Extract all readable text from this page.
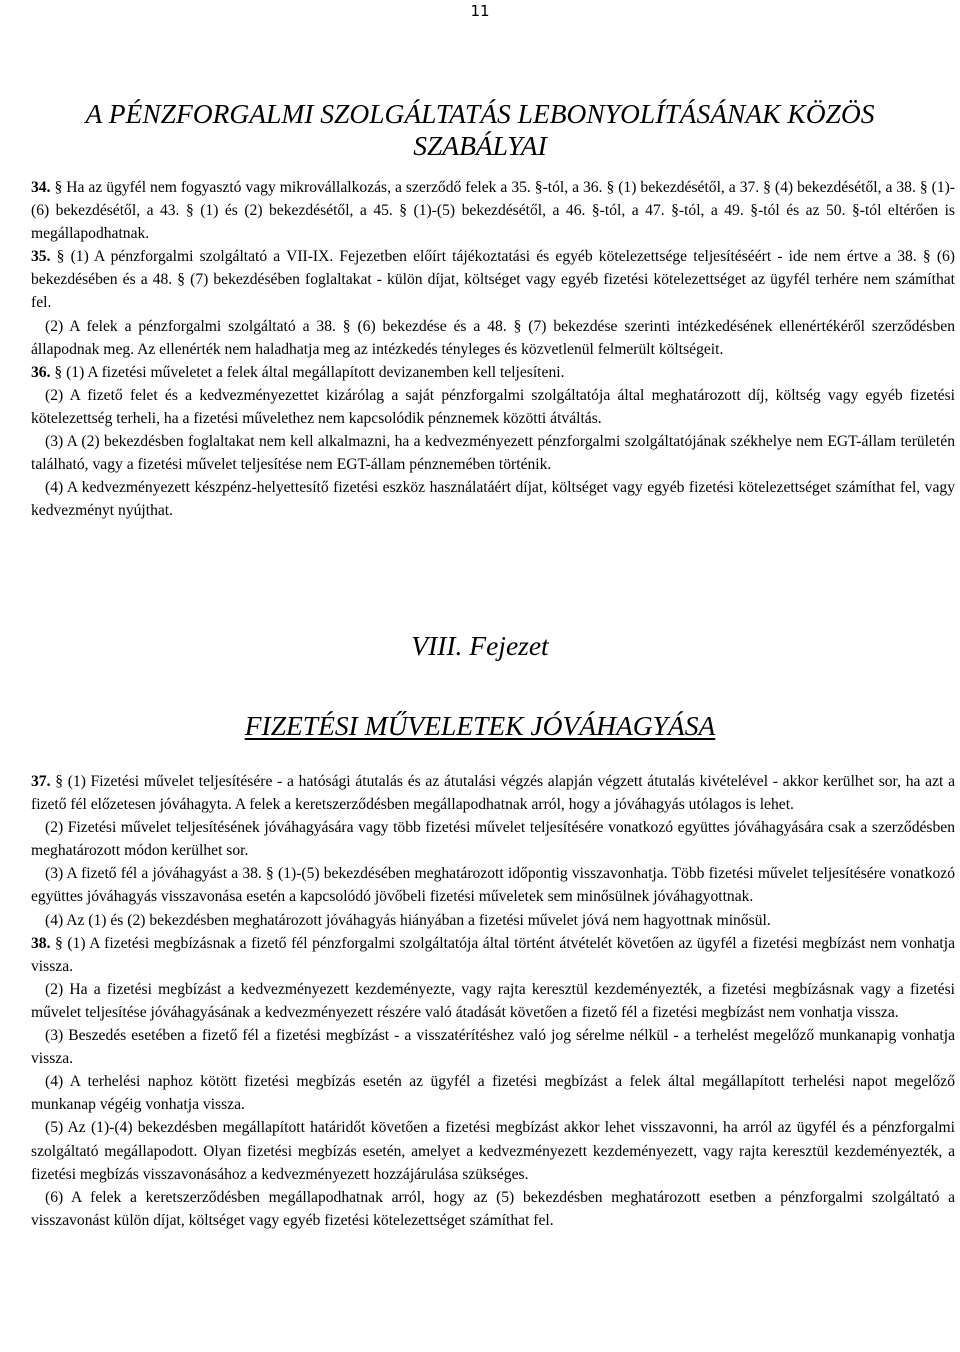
11
A PÉNZFORGALMI SZOLGÁLTATÁS LEBONYOLÍTÁSÁNAK KÖZÖS
SZABÁLYAI

34. § Ha az ügyfél nem fogyasztó vagy mikrovállalkozás, a szerződő felek a 35. §-tól, a 36. § (1) bekezdésétől, a 37. § (4) bekezdésétől, a 38. § (1)-(6) bekezdésétől, a 43. § (1) és (2) bekezdésétől, a 45. § (1)-(5) bekezdésétől, a 46. §-tól, a 47. §-tól, a 49. §-tól és az 50. §-tól eltérően is megállapodhatnak.

35. § (1) A pénzforgalmi szolgáltató a VII-IX. Fejezetben előírt tájékoztatási és egyéb kötelezettsége teljesítéséért - ide nem értve a 38. § (6) bekezdésében és a 48. § (7) bekezdésében foglaltakat - külön díjat, költséget vagy egyéb fizetési kötelezettséget az ügyfél terhére nem számíthat fel.

(2) A felek a pénzforgalmi szolgáltató a 38. § (6) bekezdése és a 48. § (7) bekezdése szerinti intézkedésének ellenértékéről szerződésben állapodnak meg. Az ellenérték nem haladhatja meg az intézkedés tényleges és közvetlenül felmerült költségeit.

36. § (1) A fizetési műveletet a felek által megállapított devizanemben kell teljesíteni.

(2) A fizető felet és a kedvezményezettet kizárólag a saját pénzforgalmi szolgáltatója által meghatározott díj, költség vagy egyéb fizetési kötelezettség terheli, ha a fizetési művelethez nem kapcsolódik pénznemek közötti átváltás.

(3) A (2) bekezdésben foglaltakat nem kell alkalmazni, ha a kedvezményezett pénzforgalmi szolgáltatójának székhelye nem EGT-állam területén található, vagy a fizetési művelet teljesítése nem EGT-állam pénznemében történik.

(4) A kedvezményezett készpénz-helyettesítő fizetési eszköz használatáért díjat, költséget vagy egyéb fizetési kötelezettséget számíthat fel, vagy kedvezményt nyújthat.

VIII. Fejezet
FIZETÉSI MŰVELETEK JÓVÁHAGYÁSA

37. § (1) Fizetési művelet teljesítésére - a hatósági átutalás és az átutalási végzés alapján végzett átutalás kivételével - akkor kerülhet sor, ha azt a fizető fél előzetesen jóváhagyta. A felek a keretszerződésben megállapodhatnak arról, hogy a jóváhagyás utólagos is lehet.

(2) Fizetési művelet teljesítésének jóváhagyására vagy több fizetési művelet teljesítésére vonatkozó együttes jóváhagyására csak a szerződésben meghatározott módon kerülhet sor.

(3) A fizető fél a jóváhagyást a 38. § (1)-(5) bekezdésében meghatározott időpontig visszavonhatja. Több fizetési művelet teljesítésére vonatkozó együttes jóváhagyás visszavonása esetén a kapcsolódó jövőbeli fizetési műveletek sem minősülnek jóváhagyottnak.

(4) Az (1) és (2) bekezdésben meghatározott jóváhagyás hiányában a fizetési művelet jóvá nem hagyottnak minősül.

38. § (1) A fizetési megbízásnak a fizető fél pénzforgalmi szolgáltatója által történt átvételét követően az ügyfél a fizetési megbízást nem vonhatja vissza.

(2) Ha a fizetési megbízást a kedvezményezett kezdeményezte, vagy rajta keresztül kezdeményezték, a fizetési megbízásnak vagy a fizetési művelet teljesítése jóváhagyásának a kedvezményezett részére való átadását követően a fizető fél a fizetési megbízást nem vonhatja vissza.

(3) Beszedés esetében a fizető fél a fizetési megbízást - a visszatérítéshez való jog sérelme nélkül - a terhelést megelőző munkanapig vonhatja vissza.

(4) A terhelési naphoz kötött fizetési megbízás esetén az ügyfél a fizetési megbízást a felek által megállapított terhelési napot megelőző munkanap végéig vonhatja vissza.

(5) Az (1)-(4) bekezdésben megállapított határidőt követően a fizetési megbízást akkor lehet visszavonni, ha arról az ügyfél és a pénzforgalmi szolgáltató megállapodott. Olyan fizetési megbízás esetén, amelyet a kedvezményezett kezdeményezett, vagy rajta keresztül kezdeményezték, a fizetési megbízás visszavonásához a kedvezményezett hozzájárulása szükséges.

(6) A felek a keretszerződésben megállapodhatnak arról, hogy az (5) bekezdésben meghatározott esetben a pénzforgalmi szolgáltató a visszavonást külön díjat, költséget vagy egyéb fizetési kötelezettséget számíthat fel.
